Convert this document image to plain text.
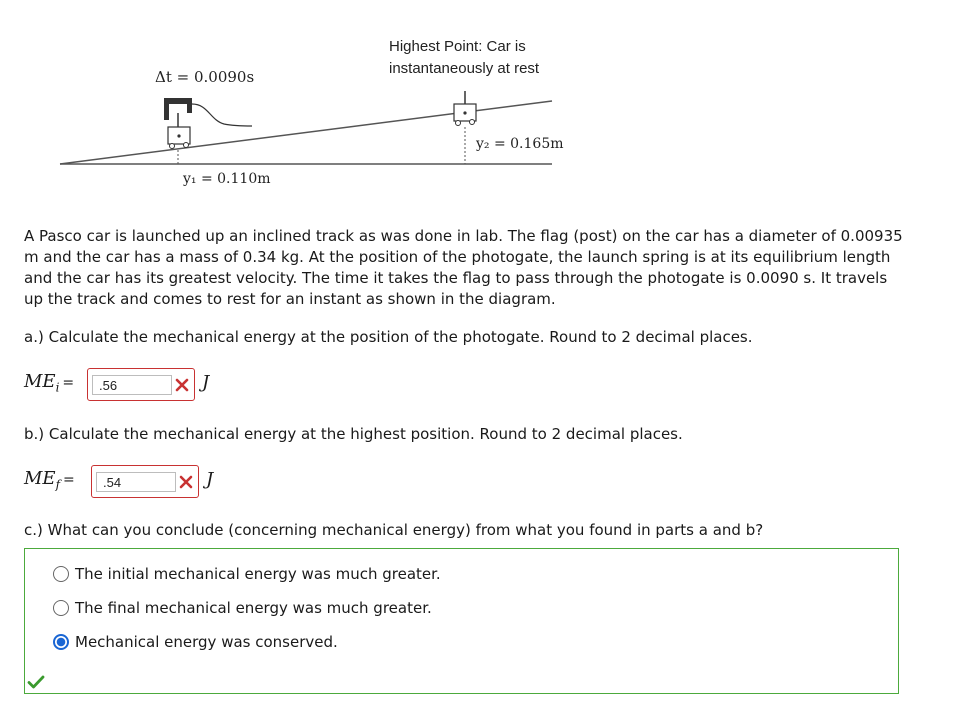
Δt = 0.0090s
y₁ = 0.110m
y₂ = 0.165m
Highest Point: Car is
instantaneously at rest
A Pasco car is launched up an inclined track as was done in lab. The flag (post) on the car has a diameter of 0.00935 m and the car has a mass of 0.34 kg. At the position of the photogate, the launch spring is at its equilibrium length and the car has its greatest velocity. The time it takes the flag to pass through the photogate is 0.0090 s. It travels up the track and comes to rest for an instant as shown in the diagram.
a.) Calculate the mechanical energy at the position of the photogate. Round to 2 decimal places.
$ME_i$ =
.56	J
b.) Calculate the mechanical energy at the highest position. Round to 2 decimal places.
$ME_f$ =
.54	J
c.) What can you conclude (concerning mechanical energy) from what you found in parts a and b?
The initial mechanical energy was much greater.
The final mechanical energy was much greater.
Mechanical energy was conserved.
